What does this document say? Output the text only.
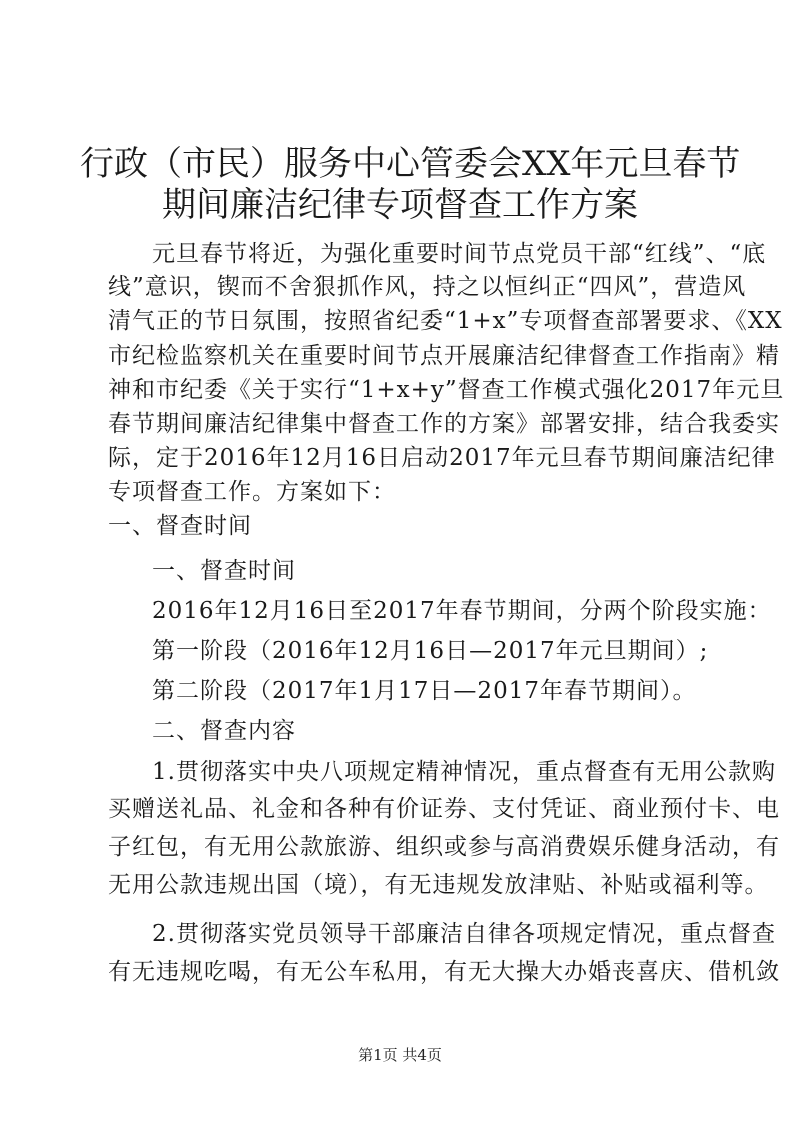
行政（市民）服务中心管委会XX年元旦春节
期间廉洁纪律专项督查工作方案

元旦春节将近，为强化重要时间节点党员干部“红线”、“底

线”意识，锲而不舍狠抓作风，持之以恒纠正“四风”，营造风

清气正的节日氛围，按照省纪委“1+x”专项督查部署要求、《XX

市纪检监察机关在重要时间节点开展廉洁纪律督查工作指南》精

神和市纪委《关于实行“1+x+y”督查工作模式强化2017年元旦

春节期间廉洁纪律集中督查工作的方案》部署安排，结合我委实

际，定于2016年12月16日启动2017年元旦春节期间廉洁纪律

专项督查工作。方案如下：

一、督查时间

一、督查时间

2016年12月16日至2017年春节期间，分两个阶段实施：

第一阶段（2016年12月16日—2017年元旦期间）;

第二阶段（2017年1月17日—2017年春节期间）。

二、督查内容

1.贯彻落实中央八项规定精神情况，重点督查有无用公款购

买赠送礼品、礼金和各种有价证券、支付凭证、商业预付卡、电

子红包，有无用公款旅游、组织或参与高消费娱乐健身活动，有

无用公款违规出国（境），有无违规发放津贴、补贴或福利等。

2.贯彻落实党员领导干部廉洁自律各项规定情况，重点督查

有无违规吃喝，有无公车私用，有无大操大办婚丧喜庆、借机敛

第1页 共4页
